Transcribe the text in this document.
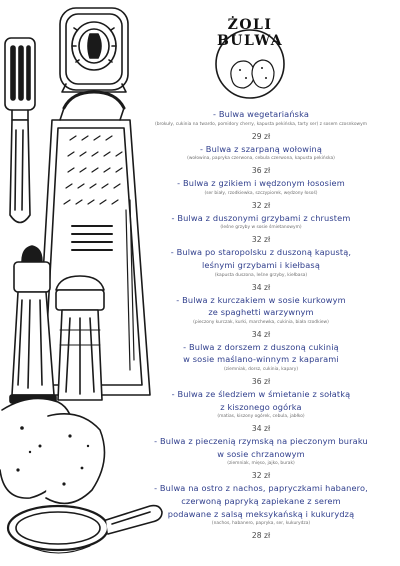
ŻOLI
BULWA
- Bulwa wegetariańska
(brokuły, cukinia na twardo, pomidory cherry, kapusta pekińska, tarty ser) z sosem czosnkowym
29 zł
- Bulwa z szarpaną wołowiną
(wołowina, papryka czerwona, cebula czerwona, kapusta pekińska)
36 zł
- Bulwa z gzikiem i wędzonym łososiem
(ser biały, rzodkiewka, szczypiorek, wędzony łosoś)
32 zł
- Bulwa z duszonymi grzybami z chrustem
(leśne grzyby w sosie śmietanowym)
32 zł
- Bulwa po staropolsku z duszoną kapustą,
leśnymi grzybami i kiełbasą
(kapusta duszona, leśne grzyby, kiełbasa)
34 zł
- Bulwa z kurczakiem w sosie kurkowym
ze spaghetti warzywnym
(pieczony kurczak, kurki, marchewka, cukinia, biała rzodkiew)
34 zł
- Bulwa z dorszem z duszoną cukinią
w sosie maślano-winnym z kaparami
(ziemniak, dorsz, cukinia, kapary)
36 zł
- Bulwa ze śledziem w śmietanie z sołatką
z kiszonego ogórka
(matias, kiszony ogórek, cebula, jabłko)
34 zł
- Bulwa z pieczenią rzymską na pieczonym buraku
w sosie chrzanowym
(ziemniak, mięso, jajko, burak)
32 zł
- Bulwa na ostro z nachos, papryczkami habanero,
czerwoną papryką zapiekane z serem
podawane z salsą meksykańską i kukurydzą
(nachos, habanero, papryka, ser, kukurydza)
28 zł
